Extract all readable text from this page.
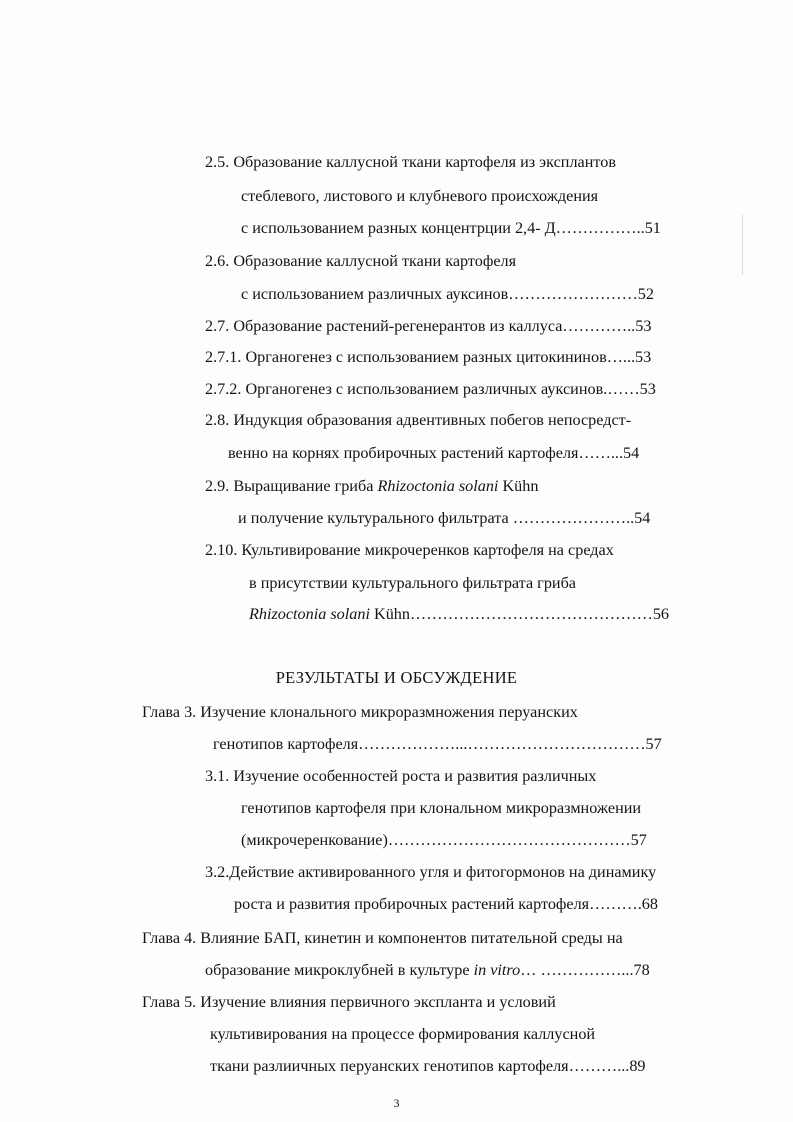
2.5. Образование каллусной ткани картофеля из эксплантов
стеблевого, листового и клубневого происхождения
с использованием разных концентрции 2,4- Д……………..51
2.6. Образование каллусной ткани картофеля
с использованием различных ауксинов……………………52
2.7. Образование растений-регенерантов из каллуса…………..53
2.7.1. Органогенез с использованием разных цитокининов…...53
2.7.2. Органогенез с использованием различных ауксинов.……53
2.8. Индукция образования адвентивных побегов непосредст-
венно на корнях пробирочных растений картофеля……...54
2.9. Выращивание гриба Rhizoctonia solani Kühn
и получение культурального фильтрата …………………..54
2.10. Культивирование микрочеренков картофеля на средах
в присутствии культурального фильтрата гриба
Rhizoctonia solani Kühn………………………………………56
РЕЗУЛЬТАТЫ И ОБСУЖДЕНИЕ
Глава 3. Изучение клонального микроразмножения перуанских
генотипов картофеля………………...……………………………57
3.1. Изучение особенностей роста и развития различных
генотипов картофеля при клональном микроразмножении
(микрочеренкование)………………………………………57
3.2.Действие активированного угля и фитогормонов на динамику
роста и развития пробирочных растений картофеля……….68
Глава 4. Влияние БАП, кинетин и компонентов питательной среды на
образование микроклубней в культуре in vitro… ……………...78
Глава 5. Изучение влияния первичного экспланта и условий
культивирования на процессе формирования каллусной
ткани разлиичных перуанских генотипов картофеля………...89
3
